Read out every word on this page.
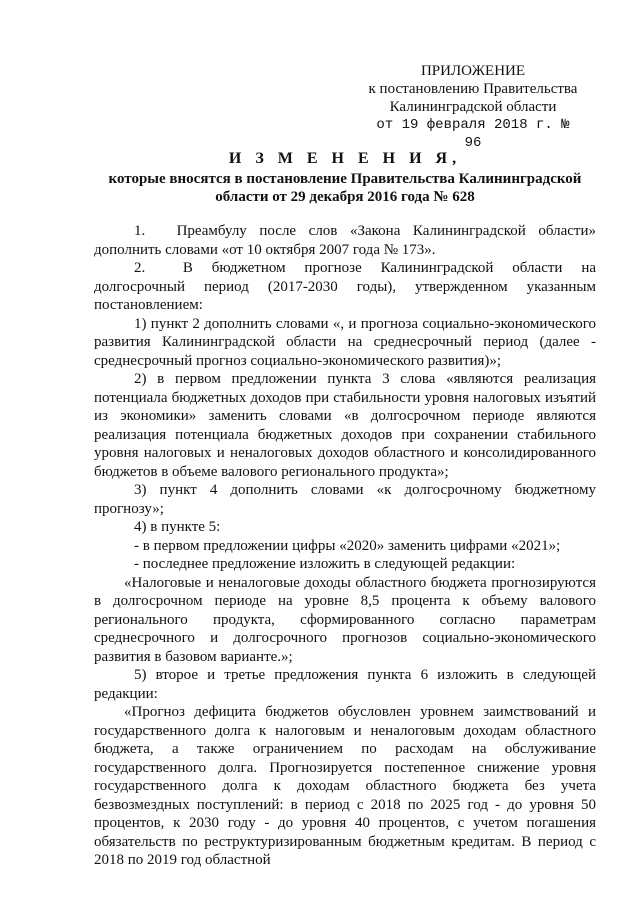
ПРИЛОЖЕНИЕ
к постановлению Правительства
Калининградской области
от 19 февраля 2018 г. № 96
И З М Е Н Е Н И Я,
которые вносятся в постановление Правительства Калининградской
области от 29 декабря 2016 года № 628

1. Преамбулу после слов «Закона Калининградской области» дополнить словами «от 10 октября 2007 года № 173».

2.	В бюджетном прогнозе Калининградской области на долгосрочный период (2017-2030 годы), утвержденном указанным постановлением:

1) пункт 2 дополнить словами «, и прогноза социально-экономического развития Калининградской области на среднесрочный период (далее - среднесрочный прогноз социально-экономического развития)»;

2) в первом предложении пункта 3 слова «являются реализация потенциала бюджетных доходов при стабильности уровня налоговых изъятий из экономики» заменить словами «в долгосрочном периоде являются реализация потенциала бюджетных доходов при сохранении стабильного уровня налоговых и неналоговых доходов областного и консолидированного бюджетов в объеме валового регионального продукта»;

3) пункт 4 дополнить словами «к долгосрочному бюджетному прогнозу»;

4) в пункте 5:

- в первом предложении цифры «2020» заменить цифрами «2021»;

- последнее предложение изложить в следующей редакции:

«Налоговые и неналоговые доходы областного бюджета прогнозируются в долгосрочном периоде на уровне 8,5 процента к объему валового регионального продукта, сформированного согласно параметрам среднесрочного и долгосрочного прогнозов социально-экономического развития в базовом варианте.»;

5) второе и третье предложения пункта 6 изложить в следующей редакции:

«Прогноз дефицита бюджетов обусловлен уровнем заимствований и государственного долга к налоговым и неналоговым доходам областного бюджета, а также ограничением по расходам на обслуживание государственного долга. Прогнозируется постепенное снижение уровня государственного долга к доходам областного бюджета без учета безвозмездных поступлений: в период с 2018 по 2025 год - до уровня 50 процентов, к 2030 году - до уровня 40 процентов, с учетом погашения обязательств по реструктуризированным бюджетным кредитам. В период с 2018 по 2019 год областной
